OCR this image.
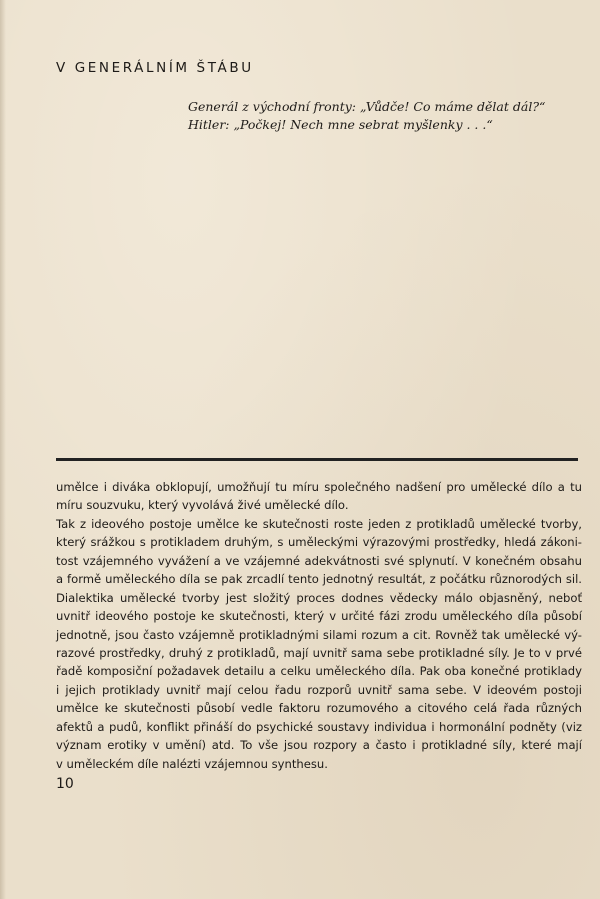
V GENERÁLNÍM ŠTÁBU
Generál z východní fronty: „Vůdče! Co máme dělat dál?“
Hitler: „Počkej! Nech mne sebrat myšlenky . . .“
umělce i diváka obklopují, umožňují tu míru společného nadšení pro umělecké dílo a tu
míru souzvuku, který vyvolává živé umělecké dílo.
Tak z ideového postoje umělce ke skutečnosti roste jeden z protikladů umělecké tvorby,
který srážkou s protikladem druhým, s uměleckými výrazovými prostředky, hledá zákoni-
tost vzájemného vyvážení a ve vzájemné adekvátnosti své splynutí. V konečném obsahu
a formě uměleckého díla se pak zrcadlí tento jednotný resultát, z počátku různorodých sil.
Dialektika umělecké tvorby jest složitý proces dodnes vědecky málo objasněný, neboť
uvnitř ideového postoje ke skutečnosti, který v určité fázi zrodu uměleckého díla působí
jednotně, jsou často vzájemně protikladnými silami rozum a cit. Rovněž tak umělecké vý-
razové prostředky, druhý z protikladů, mají uvnitř sama sebe protikladné síly. Je to v prvé
řadě komposiční požadavek detailu a celku uměleckého díla. Pak oba konečné protiklady
i jejich protiklady uvnitř mají celou řadu rozporů uvnitř sama sebe. V ideovém postoji
umělce ke skutečnosti působí vedle faktoru rozumového a citového celá řada různých
afektů a pudů, konflikt přináší do psychické soustavy individua i hormonální podněty (viz
význam erotiky v umění) atd. To vše jsou rozpory a často i protikladné síly, které mají
v uměleckém díle nalézti vzájemnou synthesu.
10
